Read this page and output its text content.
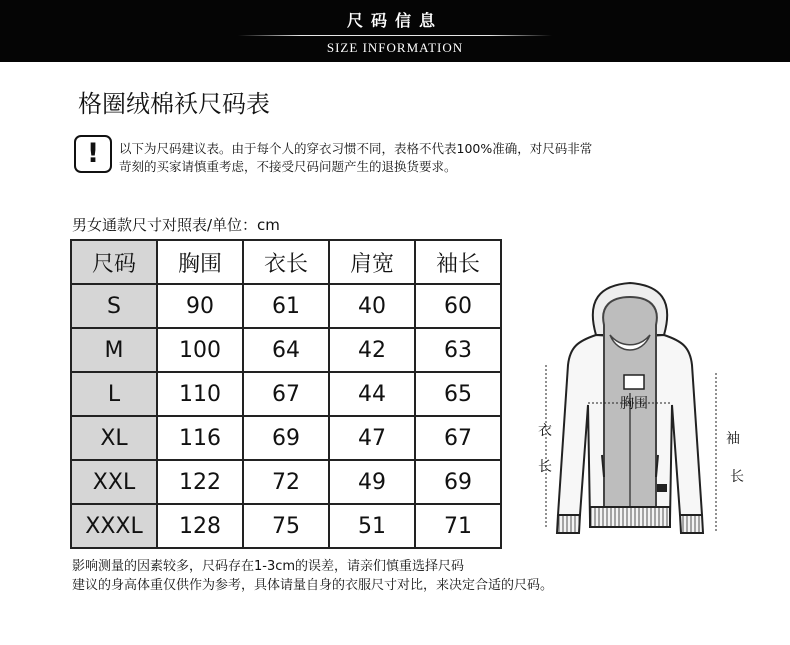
尺码信息
SIZE INFORMATION
格圈绒棉袄尺码表
!	以下为尺码建议表。由于每个人的穿衣习惯不同，表格不代表100%准确，对尺码非常
苛刻的买家请慎重考虑，不接受尺码问题产生的退换货要求。
男女通款尺寸对照表/单位：cm
尺码	胸围	衣长	肩宽	袖长
S	90	61	40	60
M	100	64	42	63
L	110	67	44	65
XL	116	69	47	67
XXL	122	72	49	69
XXXL	128	75	51	71
影响测量的因素较多，尺码存在1-3cm的误差，请亲们慎重选择尺码
建议的身高体重仅供作为参考，具体请量自身的衣服尺寸对比，来决定合适的尺码。
胸围
衣
长
袖
长
